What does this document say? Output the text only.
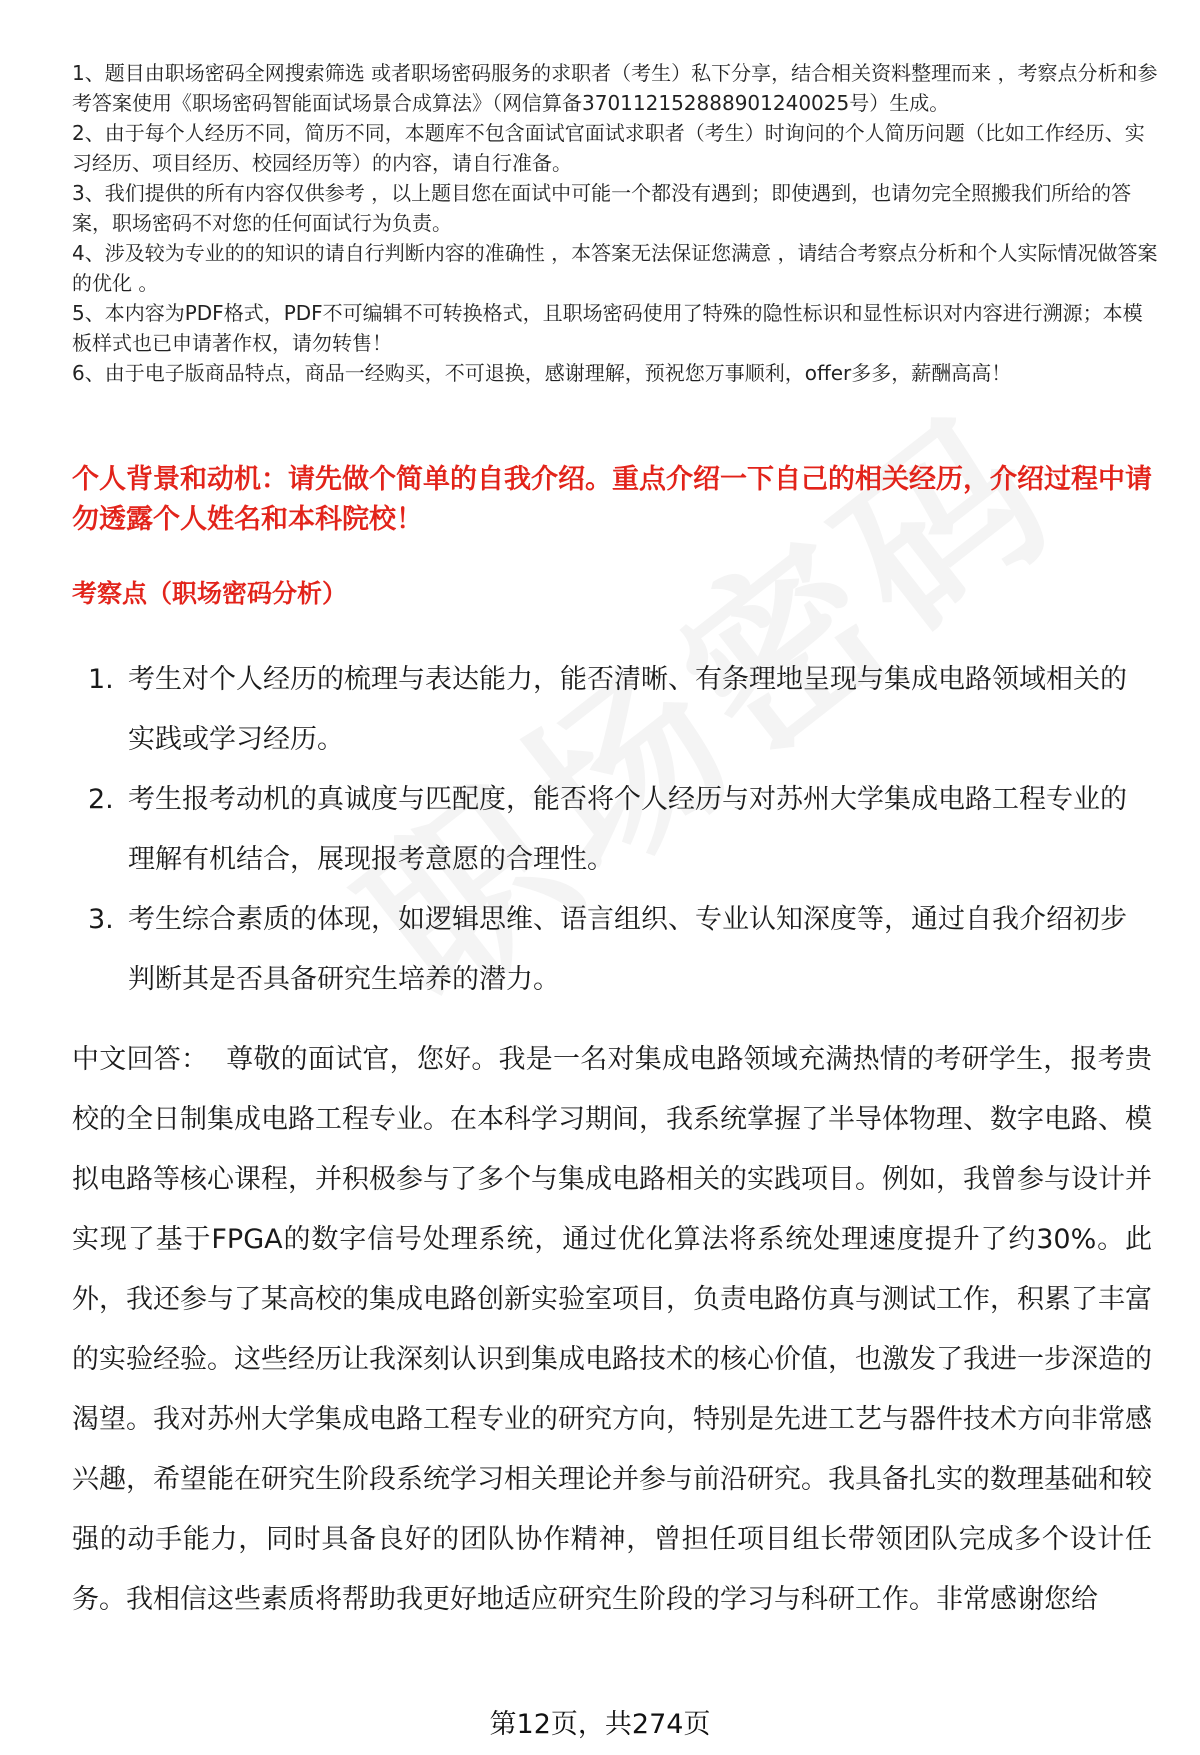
1、题目由职场密码全网搜索筛选 或者职场密码服务的求职者（考生）私下分享，结合相关资料整理而来 ，考察点分析和参考答案使用《职场密码智能面试场景合成算法》（网信算备370112152888901240025号）生成。

2、由于每个人经历不同，简历不同，本题库不包含面试官面试求职者（考生）时询问的个人简历问题（比如工作经历、实习经历、项目经历、校园经历等）的内容，请自行准备。

3、我们提供的所有内容仅供参考 ，以上题目您在面试中可能一个都没有遇到；即使遇到，也请勿完全照搬我们所给的答案，职场密码不对您的任何面试行为负责。

4、涉及较为专业的的知识的请自行判断内容的准确性 ，本答案无法保证您满意 ，请结合考察点分析和个人实际情况做答案的优化 。

5、本内容为PDF格式，PDF不可编辑不可转换格式，且职场密码使用了特殊的隐性标识和显性标识对内容进行溯源；本模板样式也已申请著作权，请勿转售！

6、由于电子版商品特点，商品一经购买，不可退换，感谢理解，预祝您万事顺利，offer多多，薪酬高高！

个人背景和动机：请先做个简单的自我介绍。重点介绍一下自己的相关经历，介绍过程中请勿透露个人姓名和本科院校！

考察点（职场密码分析）

1. 考生对个人经历的梳理与表达能力，能否清晰、有条理地呈现与集成电路领域相关的实践或学习经历。
2. 考生报考动机的真诚度与匹配度，能否将个人经历与对苏州大学集成电路工程专业的理解有机结合，展现报考意愿的合理性。
3. 考生综合素质的体现，如逻辑思维、语言组织、专业认知深度等，通过自我介绍初步判断其是否具备研究生培养的潜力。

中文回答： 尊敬的面试官，您好。我是一名对集成电路领域充满热情的考研学生，报考贵校的全日制集成电路工程专业。在本科学习期间，我系统掌握了半导体物理、数字电路、模拟电路等核心课程，并积极参与了多个与集成电路相关的实践项目。例如，我曾参与设计并实现了基于FPGA的数字信号处理系统，通过优化算法将系统处理速度提升了约30%。此外，我还参与了某高校的集成电路创新实验室项目，负责电路仿真与测试工作，积累了丰富的实验经验。这些经历让我深刻认识到集成电路技术的核心价值，也激发了我进一步深造的渴望。我对苏州大学集成电路工程专业的研究方向，特别是先进工艺与器件技术方向非常感兴趣，希望能在研究生阶段系统学习相关理论并参与前沿研究。我具备扎实的数理基础和较强的动手能力，同时具备良好的团队协作精神，曾担任项目组长带领团队完成多个设计任务。我相信这些素质将帮助我更好地适应研究生阶段的学习与科研工作。非常感谢您给

第12页，共274页
